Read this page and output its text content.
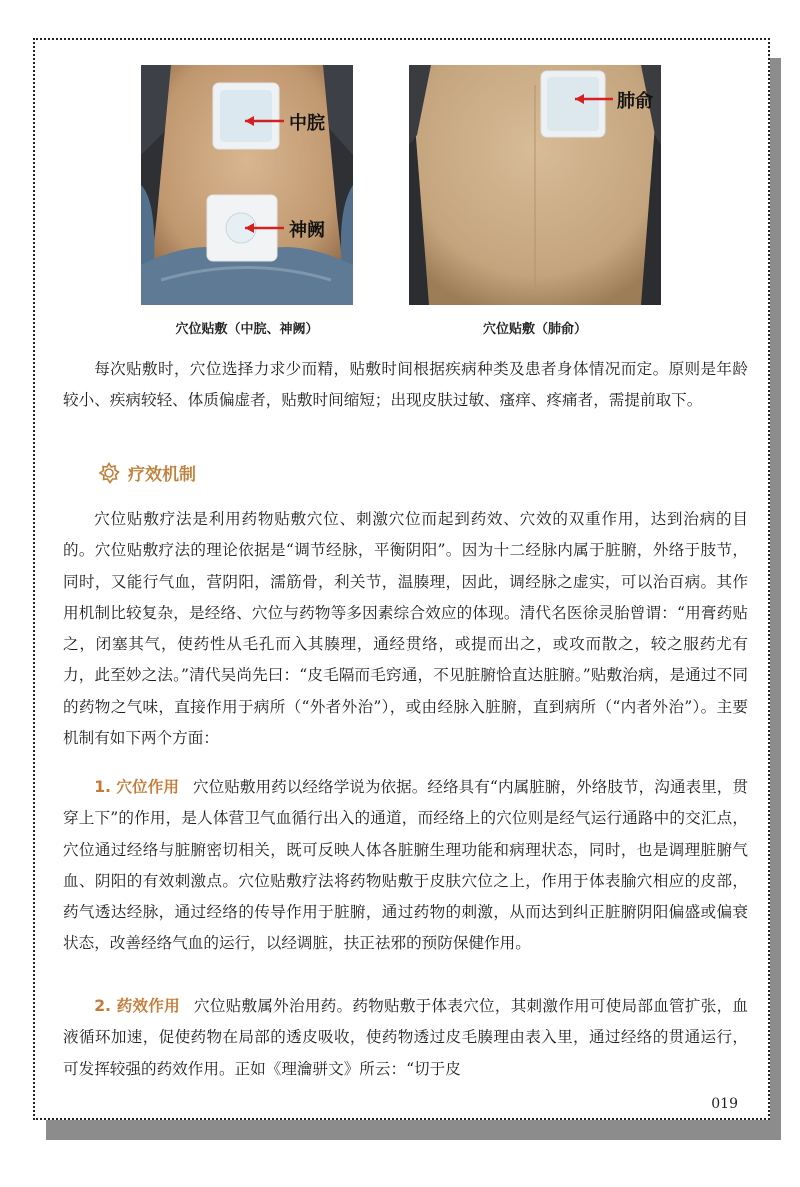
中脘
神阙
穴位贴敷（中脘、神阙）
肺俞
穴位贴敷（肺俞）

每次贴敷时，穴位选择力求少而精，贴敷时间根据疾病种类及患者身体情况而定。原则是年龄较小、疾病较轻、体质偏虚者，贴敷时间缩短；出现皮肤过敏、瘙痒、疼痛者，需提前取下。

疗效机制

穴位贴敷疗法是利用药物贴敷穴位、刺激穴位而起到药效、穴效的双重作用，达到治病的目的。穴位贴敷疗法的理论依据是“调节经脉，平衡阴阳”。因为十二经脉内属于脏腑，外络于肢节，同时，又能行气血，营阴阳，濡筋骨，利关节，温腠理，因此，调经脉之虚实，可以治百病。其作用机制比较复杂，是经络、穴位与药物等多因素综合效应的体现。清代名医徐灵胎曾谓：“用膏药贴之，闭塞其气，使药性从毛孔而入其腠理，通经贯络，或提而出之，或攻而散之，较之服药尤有力，此至妙之法。”清代吴尚先曰：“皮毛隔而毛窍通，不见脏腑恰直达脏腑。”贴敷治病，是通过不同的药物之气味，直接作用于病所（“外者外治”），或由经脉入脏腑，直到病所（“内者外治”）。主要机制有如下两个方面：

1. 穴位作用 穴位贴敷用药以经络学说为依据。经络具有“内属脏腑，外络肢节，沟通表里，贯穿上下”的作用，是人体营卫气血循行出入的通道，而经络上的穴位则是经气运行通路中的交汇点，穴位通过经络与脏腑密切相关，既可反映人体各脏腑生理功能和病理状态，同时，也是调理脏腑气血、阴阳的有效刺激点。穴位贴敷疗法将药物贴敷于皮肤穴位之上，作用于体表腧穴相应的皮部，药气透达经脉，通过经络的传导作用于脏腑，通过药物的刺激，从而达到纠正脏腑阴阳偏盛或偏衰状态，改善经络气血的运行，以经调脏，扶正祛邪的预防保健作用。

2. 药效作用 穴位贴敷属外治用药。药物贴敷于体表穴位，其刺激作用可使局部血管扩张，血液循环加速，促使药物在局部的透皮吸收，使药物透过皮毛腠理由表入里，通过经络的贯通运行，可发挥较强的药效作用。正如《理瀹骈文》所云：“切于皮

019
